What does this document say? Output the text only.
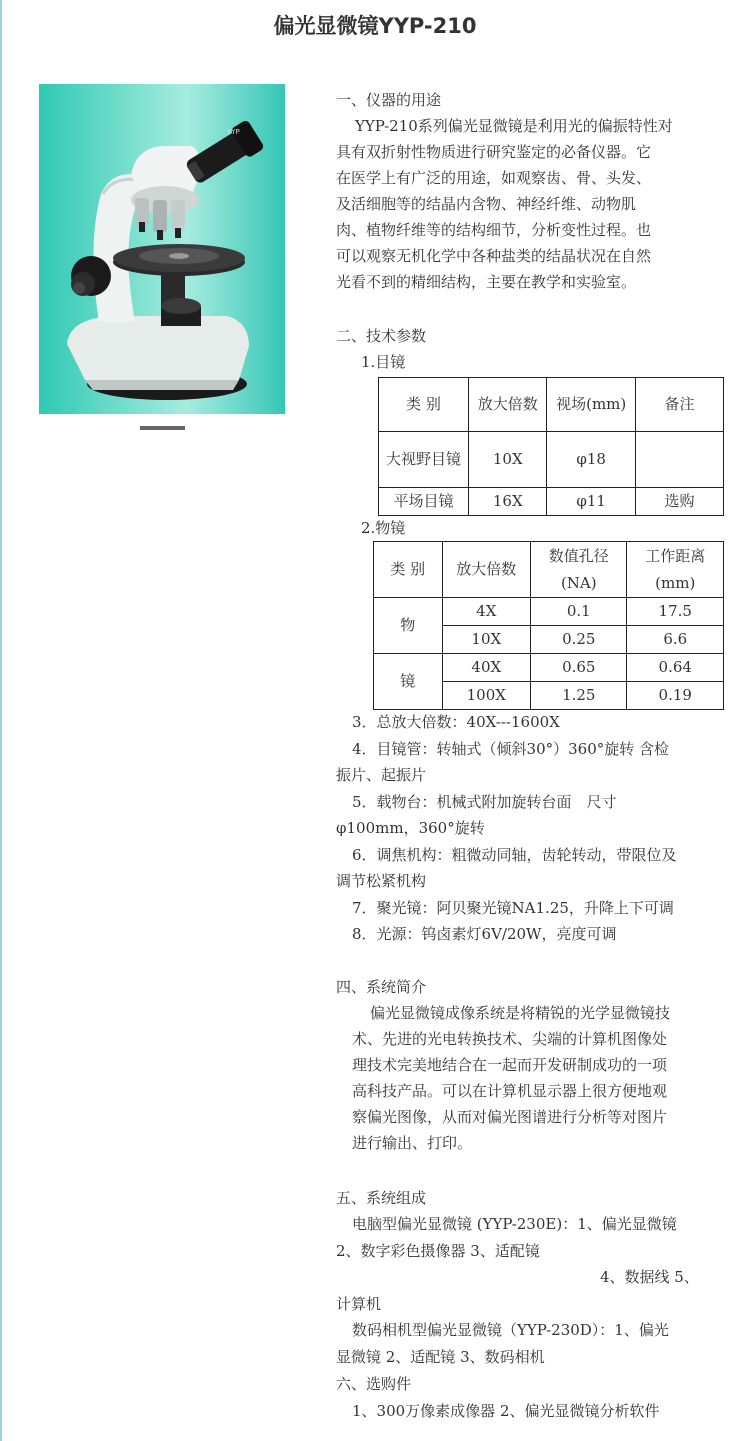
偏光显微镜YYP-210
YYP

一、仪器的用途

YYP-210系列偏光显微镜是利用光的偏振特性对

具有双折射性物质进行研究鉴定的必备仪器。它

在医学上有广泛的用途，如观察齿、骨、头发、

及活细胞等的结晶内含物、神经纤维、动物肌

肉、植物纤维等的结构细节，分析变性过程。也

可以观察无机化学中各种盐类的结晶状况在自然

光看不到的精细结构，主要在教学和实验室。

二、技术参数

1.目镜

类 别	放大倍数	视场(mm)	备注
大视野目镜	10X	φ18	
平场目镜	16X	φ11	选购

2.物镜

类 别	放大倍数	数值孔径 (NA)	工作距离 (mm)
物	4X	0.1	17.5
	10X	0.25	6.6
镜	40X	0.65	0.64
	100X	1.25	0.19

3．总放大倍数：40X---1600X

4．目镜管：转轴式（倾斜30°）360°旋转 含检

振片、起振片

5．载物台：机械式附加旋转台面　尺寸

φ100mm，360°旋转

6．调焦机构：粗微动同轴，齿轮转动，带限位及

调节松紧机构

7．聚光镜：阿贝聚光镜NA1.25，升降上下可调

8．光源：钨卤素灯6V/20W，亮度可调

四、系统简介

偏光显微镜成像系统是将精锐的光学显微镜技

术、先进的光电转换技术、尖端的计算机图像处

理技术完美地结合在一起而开发研制成功的一项

高科技产品。可以在计算机显示器上很方便地观

察偏光图像，从而对偏光图谱进行分析等对图片

进行输出、打印。

五、系统组成

电脑型偏光显微镜 (YYP-230E)：1、偏光显微镜

2、数字彩色摄像器 3、适配镜

4、数据线 5、

计算机

数码相机型偏光显微镜（YYP-230D）：1、偏光

显微镜 2、适配镜 3、数码相机

六、选购件

1、300万像素成像器 2、偏光显微镜分析软件
